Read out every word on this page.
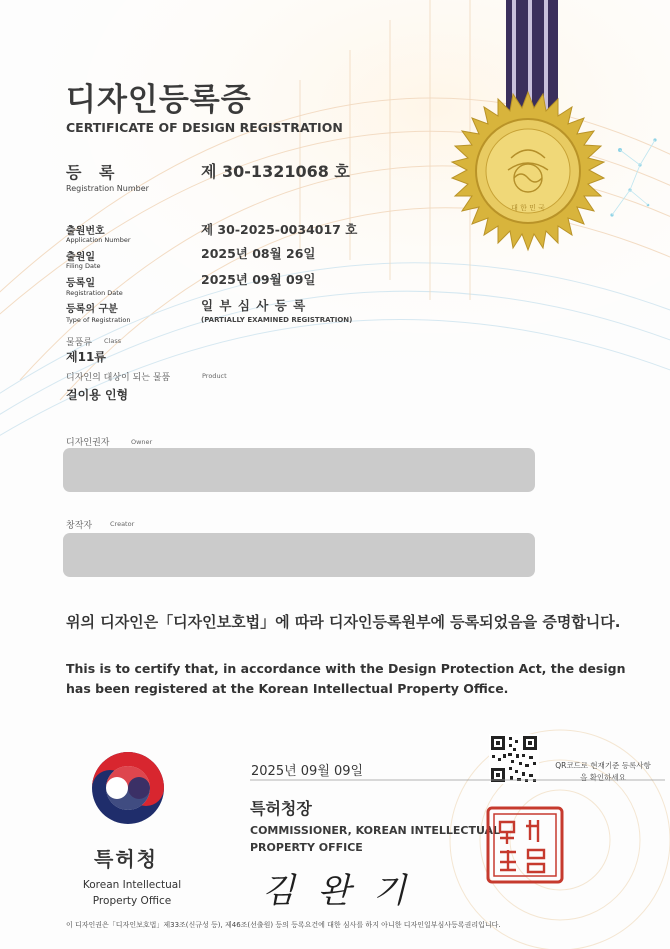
대 한 민 국
디자인등록증
CERTIFICATE OF DESIGN REGISTRATION
등 록
Registration Number
제 30-1321068 호
출원번호
Application Number
제 30-2025-0034017 호
출원일
Filing Date
2025년 08월 26일
등록일
Registration Date
2025년 09월 09일
등록의 구분
Type of Registration
일 부 심 사 등 록
(PARTIALLY EXAMINED REGISTRATION)
물품류 Class
제11류
디자인의 대상이 되는 물품	Product
걸이용 인형
디자인권자	Owner
창작자	Creator
위의 디자인은「디자인보호법」에 따라 디자인등록원부에 등록되었음을 증명합니다.
This is to certify that, in accordance with the Design Protection Act, the design has been registered at the Korean Intellectual Property Office.
2025년 09월 09일	QR코드로 현재기준 등록사항을 확인하세요
특허청장
COMMISSIONER, KOREAN INTELLECTUAL PROPERTY OFFICE
김 완 기
특허청
Korean Intellectual Property Office
이 디자인권은「디자인보호법」제33조(신규성 등), 제46조(선출원) 등의 등록요건에 대한 심사를 하지 아니한 디자인일부심사등록권리입니다.
